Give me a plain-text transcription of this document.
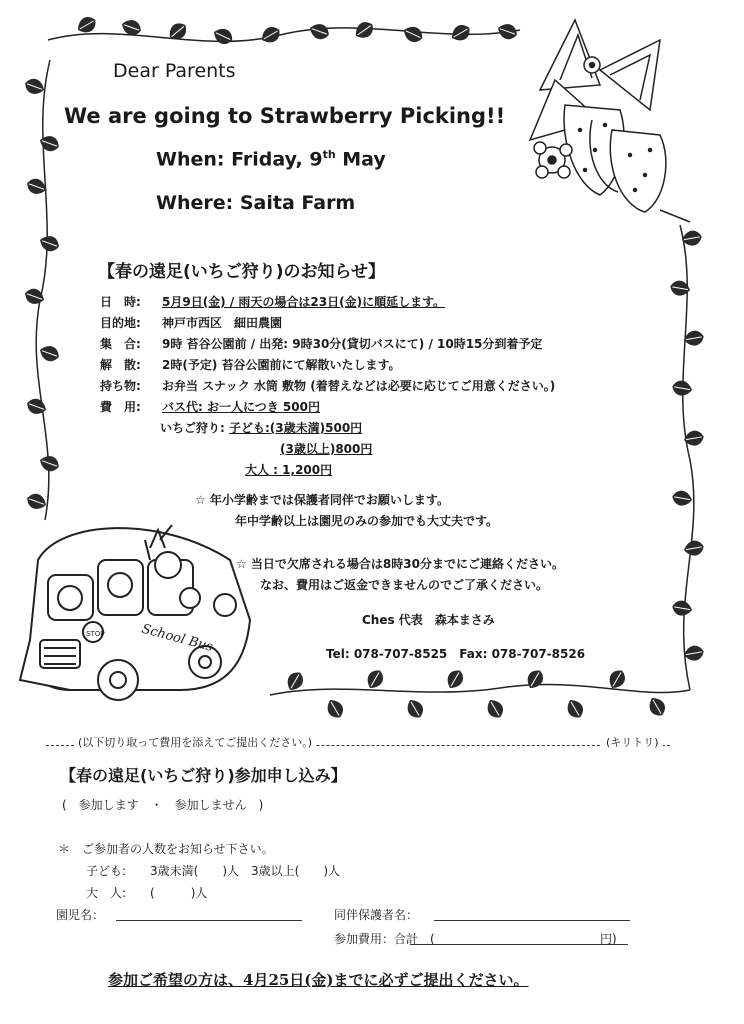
STOP	School Bus
Dear Parents
We are going to Strawberry Picking!!
When: Friday, 9th May
Where: Saita Farm
【春の遠足(いちご狩り)のお知らせ】
日　時:	5月9日(金) / 雨天の場合は23日(金)に順延します。
目的地:	神戸市西区　細田農園
集　合:	9時 苔谷公園前 / 出発: 9時30分(貸切バスにて) / 10時15分到着予定
解　散:	2時(予定) 苔谷公園前にて解散いたします。
持ち物:	お弁当 スナック 水筒 敷物 (着替えなどは必要に応じてご用意ください。)
費　用:	バス代: お一人につき 500円
いちご狩り:
子ども:(3歳未満)500円
(3歳以上)800円
大人 : 1,200円
☆ 年小学齢までは保護者同伴でお願いします。
年中学齢以上は園児のみの参加でも大丈夫です。
☆ 当日で欠席される場合は8時30分までにご連絡ください。
なお、費用はご返金できませんのでご了承ください。
Ches 代表　森本まさみ
Tel: 078-707-8525　Fax: 078-707-8526
(以下切り取って費用を添えてご提出ください。)	(キリトリ)
【春の遠足(いちご狩り)参加申し込み】
(　参加します　・　参加しません　)
＊　ご参加者の人数をお知らせ下さい。
子ども:　　3歳未満(　　)人　3歳以上(　　)人
大　人:　　(　　　)人
園児名：	同伴保護者名：
参加費用：合計　(	円)
参加ご希望の方は、4月25日(金)までに必ずご提出ください。
